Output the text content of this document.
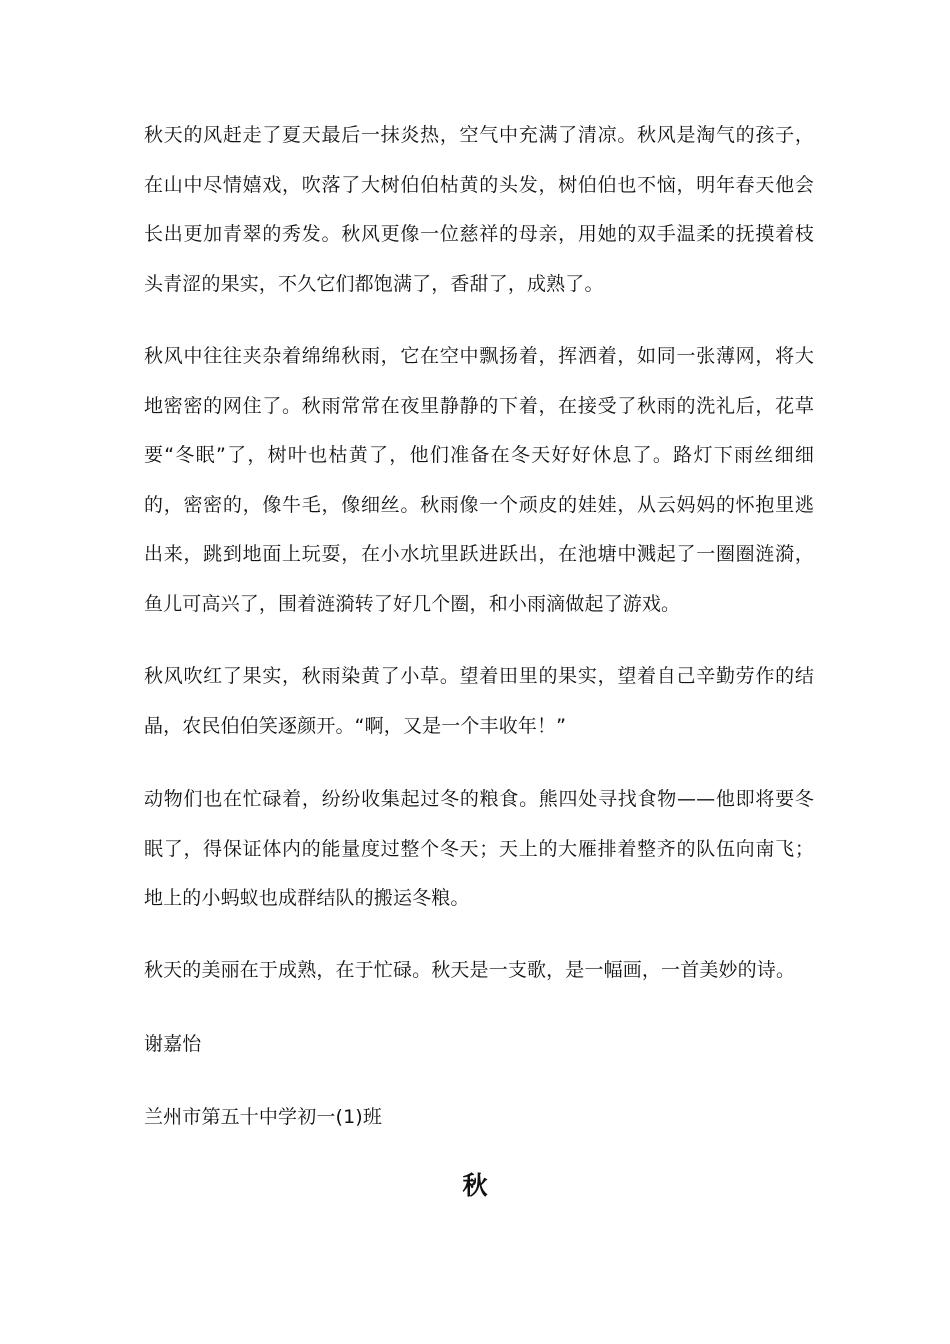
秋天的风赶走了夏天最后一抹炎热，空气中充满了清凉。秋风是淘气的孩子，在山中尽情嬉戏，吹落了大树伯伯枯黄的头发，树伯伯也不恼，明年春天他会长出更加青翠的秀发。秋风更像一位慈祥的母亲，用她的双手温柔的抚摸着枝头青涩的果实，不久它们都饱满了，香甜了，成熟了。

秋风中往往夹杂着绵绵秋雨，它在空中飘扬着，挥洒着，如同一张薄网，将大地密密的网住了。秋雨常常在夜里静静的下着，在接受了秋雨的洗礼后，花草要“冬眠”了，树叶也枯黄了，他们准备在冬天好好休息了。路灯下雨丝细细的，密密的，像牛毛，像细丝。秋雨像一个顽皮的娃娃，从云妈妈的怀抱里逃出来，跳到地面上玩耍，在小水坑里跃进跃出，在池塘中溅起了一圈圈涟漪，鱼儿可高兴了，围着涟漪转了好几个圈，和小雨滴做起了游戏。

秋风吹红了果实，秋雨染黄了小草。望着田里的果实，望着自己辛勤劳作的结晶，农民伯伯笑逐颜开。“啊，又是一个丰收年！”

动物们也在忙碌着，纷纷收集起过冬的粮食。熊四处寻找食物——他即将要冬眠了，得保证体内的能量度过整个冬天；天上的大雁排着整齐的队伍向南飞；地上的小蚂蚁也成群结队的搬运冬粮。

秋天的美丽在于成熟，在于忙碌。秋天是一支歌，是一幅画，一首美妙的诗。

谢嘉怡

兰州市第五十中学初一(1)班

秋
